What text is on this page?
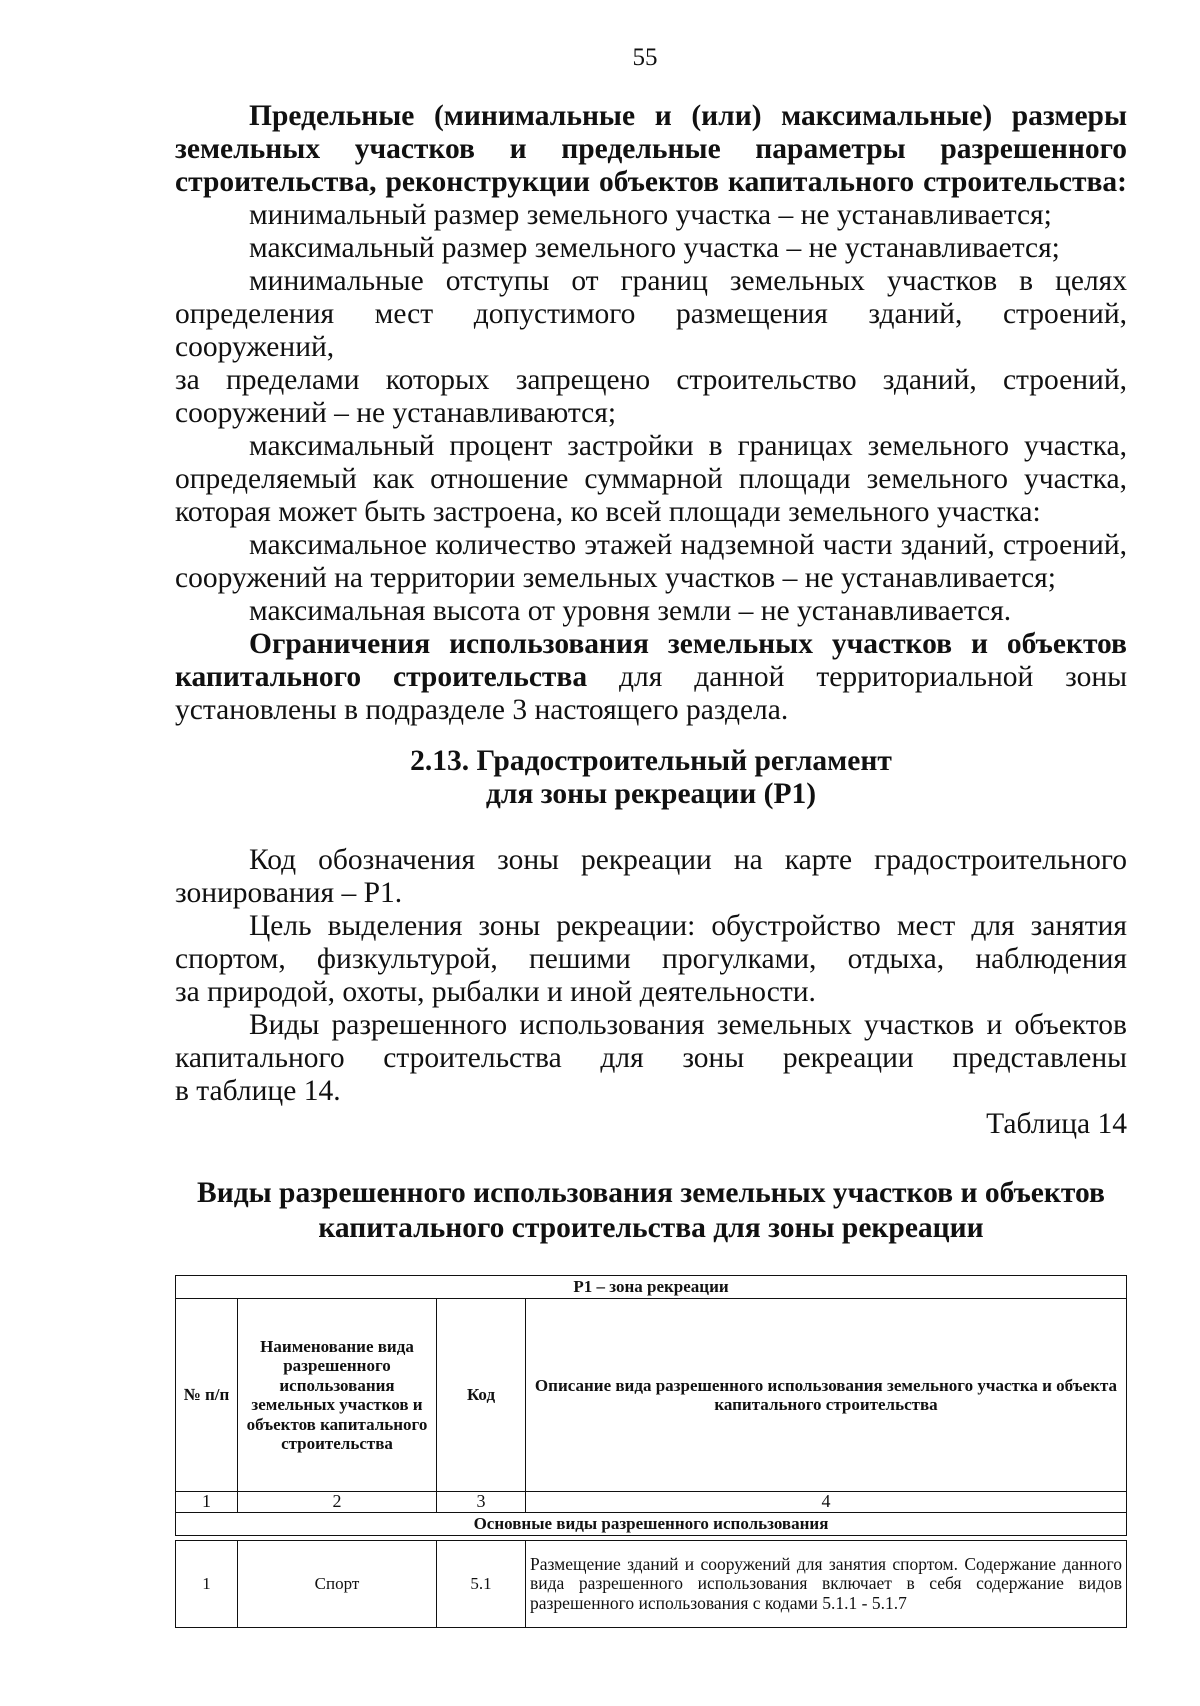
55

Предельные (минимальные и (или) максимальные) размеры

земельных участков и предельные параметры разрешенного

строительства, реконструкции объектов капитального строительства:

минимальный размер земельного участка – не устанавливается;

максимальный размер земельного участка – не устанавливается;

минимальные отступы от границ земельных участков в целях

определения мест допустимого размещения зданий, строений, сооружений,

за пределами которых запрещено строительство зданий, строений,

сооружений – не устанавливаются;

максимальный процент застройки в границах земельного участка,

определяемый как отношение суммарной площади земельного участка,

которая может быть застроена, ко всей площади земельного участка:

максимальное количество этажей надземной части зданий, строений,

сооружений на территории земельных участков – не устанавливается;

максимальная высота от уровня земли – не устанавливается.

Ограничения использования земельных участков и объектов

капитального строительства для данной территориальной зоны

установлены в подразделе 3 настоящего раздела.

2.13. Градостроительный регламент

для зоны рекреации (Р1)

Код обозначения зоны рекреации на карте градостроительного

зонирования – Р1.

Цель выделения зоны рекреации: обустройство мест для занятия

спортом, физкультурой, пешими прогулками, отдыха, наблюдения

за природой, охоты, рыбалки и иной деятельности.

Виды разрешенного использования земельных участков и объектов

капитального строительства для зоны рекреации представлены

в таблице 14.

Таблица 14
Виды разрешенного использования земельных участков и объектов
капитального строительства для зоны рекреации
Р1 – зона рекреации			
№ п/п	Наименование вида разрешенного использования земельных участков и объектов капитального строительства	Код	Описание вида разрешенного использования земельного участка и объекта капитального строительства
1	2	3	4
Основные виды разрешенного использования			

1	Спорт	5.1	Размещение зданий и сооружений для занятия спортом. Содержание данного вида разрешенного использования включает в себя содержание видов разрешенного использования с кодами 5.1.1 - 5.1.7
